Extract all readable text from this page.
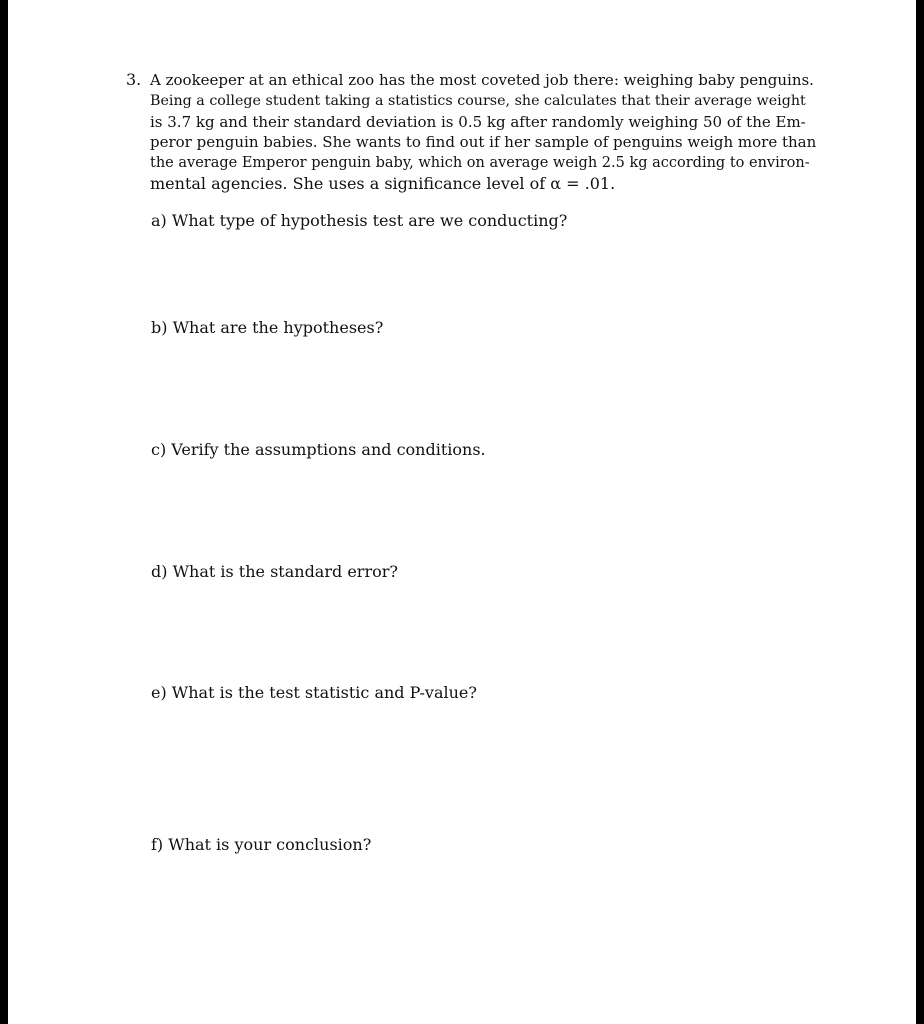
3. A zookeeper at an ethical zoo has the most coveted job there: weighing baby penguins.
Being a college student taking a statistics course, she calculates that their average weight
is 3.7 kg and their standard deviation is 0.5 kg after randomly weighing 50 of the Em-
peror penguin babies. She wants to find out if her sample of penguins weigh more than
the average Emperor penguin baby, which on average weigh 2.5 kg according to environ-
mental agencies. She uses a significance level of α = .01.
a) What type of hypothesis test are we conducting?
b) What are the hypotheses?
c) Verify the assumptions and conditions.
d) What is the standard error?
e) What is the test statistic and P-value?
f) What is your conclusion?
